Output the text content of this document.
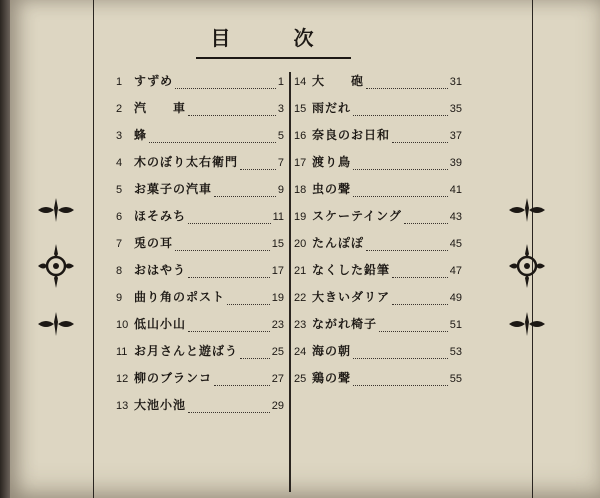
目 次
1 すずめ	1
2 汽　　車	3
3 蜂	5
4 木のぼり太右衛門	7
5 お菓子の汽車	9
6 ほそみち	11
7 兎の耳	15
8 おはやう	17
9 曲り角のポスト	19
10 低山小山	23
11 お月さんと遊ばう	25
12 柳のブランコ	27
13 大池小池	29
14 大　　砲	31
15 雨だれ	35
16 奈良のお日和	37
17 渡り鳥	39
18 虫の聲	41
19 スケーテイング	43
20 たんぽぽ	45
21 なくした鉛筆	47
22 大きいダリア	49
23 ながれ椅子	51
24 海の朝	53
25 鶏の聲	55
